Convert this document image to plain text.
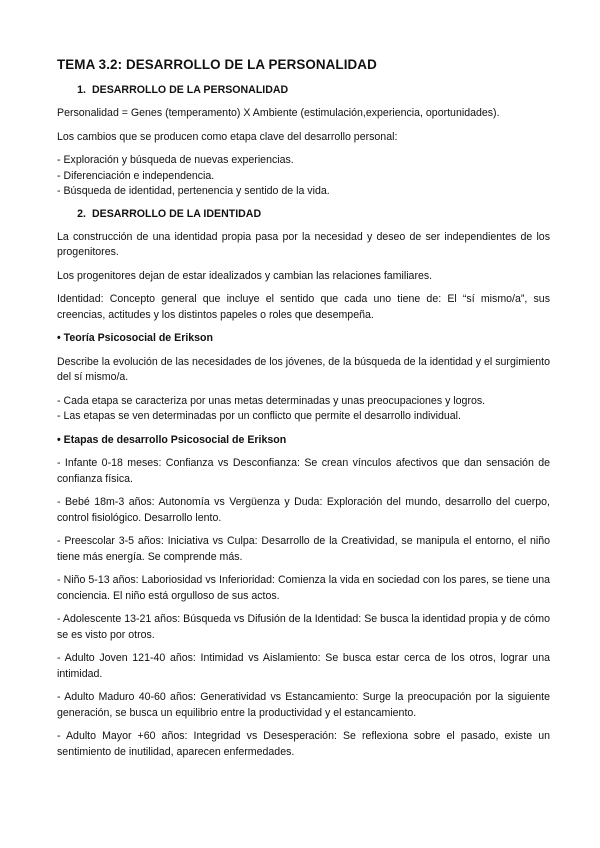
TEMA 3.2: DESARROLLO DE LA PERSONALIDAD
1. DESARROLLO DE LA PERSONALIDAD

Personalidad = Genes (temperamento) X Ambiente (estimulación,experiencia, oportunidades).

Los cambios que se producen como etapa clave del desarrollo personal:

- Exploración y búsqueda de nuevas experiencias.
- Diferenciación e independencia.
- Búsqueda de identidad, pertenencia y sentido de la vida.
2. DESARROLLO DE LA IDENTIDAD

La construcción de una identidad propia pasa por la necesidad y deseo de ser independientes de los progenitores.

Los progenitores dejan de estar idealizados y cambian las relaciones familiares.

Identidad: Concepto general que incluye el sentido que cada uno tiene de: El “sí mismo/a”, sus creencias, actitudes y los distintos papeles o roles que desempeña.

• Teoría Psicosocial de Erikson

Describe la evolución de las necesidades de los jóvenes, de la búsqueda de la identidad y el surgimiento del sí mismo/a.

- Cada etapa se caracteriza por unas metas determinadas y unas preocupaciones y logros.
- Las etapas se ven determinadas por un conflicto que permite el desarrollo individual.
• Etapas de desarrollo Psicosocial de Erikson

- Infante 0-18 meses: Confianza vs Desconfianza: Se crean vínculos afectivos que dan sensación de confianza física.

- Bebé 18m-3 años: Autonomía vs Vergüenza y Duda: Exploración del mundo, desarrollo del cuerpo, control fisiológico. Desarrollo lento.

- Preescolar 3-5 años: Iniciativa vs Culpa: Desarrollo de la Creatividad, se manipula el entorno, el niño tiene más energía. Se comprende más.

- Niño 5-13 años: Laboriosidad vs Inferioridad: Comienza la vida en sociedad con los pares, se tiene una conciencia. El niño está orgulloso de sus actos.

- Adolescente 13-21 años: Búsqueda vs Difusión de la Identidad: Se busca la identidad propia y de cómo se es visto por otros.

- Adulto Joven 121-40 años: Intimidad vs Aislamiento: Se busca estar cerca de los otros, lograr una intimidad.

- Adulto Maduro 40-60 años: Generatividad vs Estancamiento: Surge la preocupación por la siguiente generación, se busca un equilibrio entre la productividad y el estancamiento.

- Adulto Mayor +60 años: Integridad vs Desesperación: Se reflexiona sobre el pasado, existe un sentimiento de inutilidad, aparecen enfermedades.
